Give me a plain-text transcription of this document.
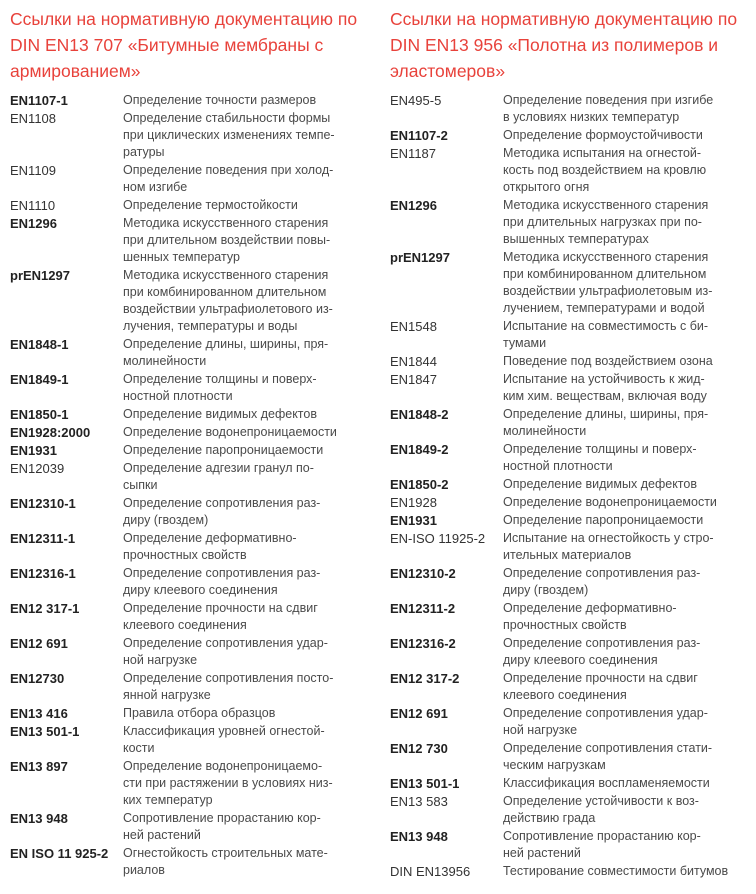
Ссылки на нормативную документацию по DIN EN13 707 «Битумные мембраны с армированием»
EN1107-1	Определение точности размеров
EN1108	Определение стабильности формы
при циклических изменениях темпе-
ратуры
EN1109	Определение поведения при холод-
ном изгибе
EN1110	Определение термостойкости
EN1296	Методика искусственного старения
при длительном воздействии повы-
шенных температур
prEN1297	Методика искусственного старения
при комбинированном длительном
воздействии ультрафиолетового из-
лучения, температуры и воды
EN1848-1	Определение длины, ширины, пря-
молинейности
EN1849-1	Определение толщины и поверх-
ностной плотности
EN1850-1	Определение видимых дефектов
EN1928:2000	Определение водонепроницаемости
EN1931	Определение паропроницаемости
EN12039	Определение адгезии гранул по-
сыпки
EN12310-1	Определение сопротивления раз-
диру (гвоздем)
EN12311-1	Определение деформативно-
прочностных свойств
EN12316-1	Определение сопротивления раз-
диру клеевого соединения
EN12 317-1	Определение прочности на сдвиг
клеевого соединения
EN12 691	Определение сопротивления удар-
ной нагрузке
EN12730	Определение сопротивления посто-
янной нагрузке
EN13 416	Правила отбора образцов
EN13 501-1	Классификация уровней огнестой-
кости
EN13 897	Определение водонепроницаемо-
сти при растяжении в условиях низ-
ких температур
EN13 948	Сопротивление прорастанию кор-
ней растений
EN ISO 11 925-2	Огнестойкость строительных мате-
риалов
Ссылки на нормативную документацию по DIN EN13 956 «Полотна из полимеров и эластомеров»
EN495-5	Определение поведения при изгибе
в условиях низких температур
EN1107-2	Определение формоустойчивости
EN1187	Методика испытания на огнестой-
кость под воздействием на кровлю
открытого огня
EN1296	Методика искусственного старения
при длительных нагрузках при по-
вышенных температурах
prEN1297	Методика искусственного старения
при комбинированном длительном
воздействии ультрафиолетовым из-
лучением, температурами и водой
EN1548	Испытание на совместимость с би-
тумами
EN1844	Поведение под воздействием озона
EN1847	Испытание на устойчивость к жид-
ким хим. веществам, включая воду
EN1848-2	Определение длины, ширины, пря-
молинейности
EN1849-2	Определение толщины и поверх-
ностной плотности
EN1850-2	Определение видимых дефектов
EN1928	Определение водонепроницаемости
EN1931	Определение паропроницаемости
EN-ISO 11925-2	Испытание на огнестойкость у стро-
ительных материалов
EN12310-2	Определение сопротивления раз-
диру (гвоздем)
EN12311-2	Определение деформативно-
прочностных свойств
EN12316-2	Определение сопротивления раз-
диру клеевого соединения
EN12 317-2	Определение прочности на сдвиг
клеевого соединения
EN12 691	Определение сопротивления удар-
ной нагрузке
EN12 730	Определение сопротивления стати-
ческим нагрузкам
EN13 501-1	Классификация воспламеняемости
EN13 583	Определение устойчивости к воз-
действию града
EN13 948	Сопротивление прорастанию кор-
ней растений
DIN EN13956	Тестирование совместимости битумов
